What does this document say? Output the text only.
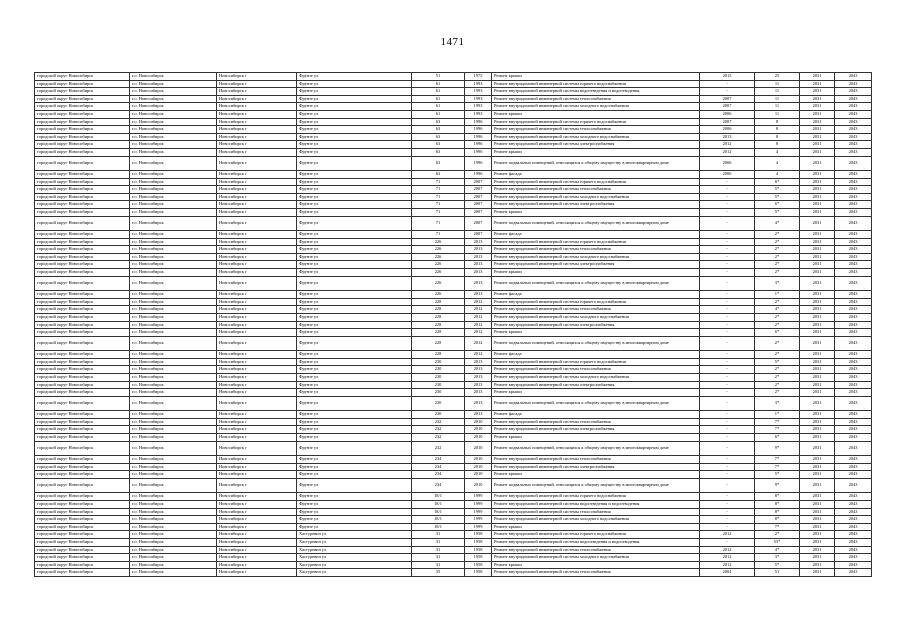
1471
городской округ Новосибирск	г.о. Новосибирск	Новосибирск г	Фрунзе ул	51	1975	Ремонт крыши	2015	25	2031	2043
городской округ Новосибирск	г.о. Новосибирск	Новосибирск г	Фрунзе ул	61	1993	Ремонт внутридомовой инженерной системы горячего водоснабжения	-	11	2031	2043
городской округ Новосибирск	г.о. Новосибирск	Новосибирск г	Фрунзе ул	61	1993	Ремонт внутридомовой инженерной системы водоотведения и водоотводения	-	11	2031	2043
городской округ Новосибирск	г.о. Новосибирск	Новосибирск г	Фрунзе ул	61	1993	Ремонт внутридомовой инженерной системы теплоснабжения	2007	11	2031	2043
городской округ Новосибирск	г.о. Новосибирск	Новосибирск г	Фрунзе ул	61	1993	Ремонт внутридомовой инженерной системы холодного водоснабжения	2007	11	2031	2043
городской округ Новосибирск	г.о. Новосибирск	Новосибирск г	Фрунзе ул	61	1993	Ремонт крыши	2006	11	2031	2043
городской округ Новосибирск	г.о. Новосибирск	Новосибирск г	Фрунзе ул	63	1996	Ремонт внутридомовой инженерной системы горячего водоснабжения	2007	8	2031	2043
городской округ Новосибирск	г.о. Новосибирск	Новосибирск г	Фрунзе ул	63	1996	Ремонт внутридомовой инженерной системы теплоснабжения	2006	8	2031	2043
городской округ Новосибирск	г.о. Новосибирск	Новосибирск г	Фрунзе ул	63	1996	Ремонт внутридомовой инженерной системы холодного водоснабжения	2013	8	2031	2043
городской округ Новосибирск	г.о. Новосибирск	Новосибирск г	Фрунзе ул	63	1996	Ремонт внутридомовой инженерной системы электроснабжения	2012	8	2031	2043
городской округ Новосибирск	г.о. Новосибирск	Новосибирск г	Фрунзе ул	63	1996	Ремонт крыши	2012	4	2031	2043
городской округ Новосибирск	г.о. Новосибирск	Новосибирск г	Фрунзе ул	63	1996	Ремонт подвальных помещений, относящихся к общему имуществу в многоквартирном доме	2006	4	2031	2043
городской округ Новосибирск	г.о. Новосибирск	Новосибирск г	Фрунзе ул	63	1996	Ремонт фасада	2006	4	2031	2043
городской округ Новосибирск	г.о. Новосибирск	Новосибирск г	Фрунзе ул	71	2007	Ремонт внутридомовой инженерной системы горячего водоснабжения	-	6*	2031	2043
городской округ Новосибирск	г.о. Новосибирск	Новосибирск г	Фрунзе ул	71	2007	Ремонт внутридомовой инженерной системы теплоснабжения	-	5*	2031	2043
городской округ Новосибирск	г.о. Новосибирск	Новосибирск г	Фрунзе ул	71	2007	Ремонт внутридомовой инженерной системы холодного водоснабжения	-	5*	2031	2043
городской округ Новосибирск	г.о. Новосибирск	Новосибирск г	Фрунзе ул	71	2007	Ремонт внутридомовой инженерной системы электроснабжения	-	6*	2031	2043
городской округ Новосибирск	г.о. Новосибирск	Новосибирск г	Фрунзе ул	71	2007	Ремонт крыши	-	5*	2031	2043
городской округ Новосибирск	г.о. Новосибирск	Новосибирск г	Фрунзе ул	71	2007	Ремонт подвальных помещений, относящихся к общему имуществу в многоквартирном доме	-	4*	2031	2043
городской округ Новосибирск	г.о. Новосибирск	Новосибирск г	Фрунзе ул	71	2007	Ремонт фасада	-	2*	2031	2043
городской округ Новосибирск	г.о. Новосибирск	Новосибирск г	Фрунзе ул	226	2013	Ремонт внутридомовой инженерной системы горячего водоснабжения	-	2*	2031	2043
городской округ Новосибирск	г.о. Новосибирск	Новосибирск г	Фрунзе ул	226	2013	Ремонт внутридомовой инженерной системы теплоснабжения	-	2*	2031	2043
городской округ Новосибирск	г.о. Новосибирск	Новосибирск г	Фрунзе ул	226	2013	Ремонт внутридомовой инженерной системы холодного водоснабжения	-	2*	2031	2043
городской округ Новосибирск	г.о. Новосибирск	Новосибирск г	Фрунзе ул	226	2013	Ремонт внутридомовой инженерной системы электроснабжения	-	2*	2031	2043
городской округ Новосибирск	г.о. Новосибирск	Новосибирск г	Фрунзе ул	226	2013	Ремонт крыши	-	2*	2031	2043
городской округ Новосибирск	г.о. Новосибирск	Новосибирск г	Фрунзе ул	226	2013	Ремонт подвальных помещений, относящихся к общему имуществу в многоквартирном доме	-	3*	2031	2043
городской округ Новосибирск	г.о. Новосибирск	Новосибирск г	Фрунзе ул	226	2013	Ремонт фасада	-	1*	2031	2043
городской округ Новосибирск	г.о. Новосибирск	Новосибирск г	Фрунзе ул	228	2012	Ремонт внутридомовой инженерной системы горячего водоснабжения	-	2*	2031	2043
городской округ Новосибирск	г.о. Новосибирск	Новосибирск г	Фрунзе ул	228	2012	Ремонт внутридомовой инженерной системы теплоснабжения	-	4*	2031	2043
городской округ Новосибирск	г.о. Новосибирск	Новосибирск г	Фрунзе ул	228	2012	Ремонт внутридомовой инженерной системы холодного водоснабжения	-	2*	2031	2043
городской округ Новосибирск	г.о. Новосибирск	Новосибирск г	Фрунзе ул	228	2012	Ремонт внутридомовой инженерной системы электроснабжения	-	2*	2031	2043
городской округ Новосибирск	г.о. Новосибирск	Новосибирск г	Фрунзе ул	228	2012	Ремонт крыши	-	6*	2031	2043
городской округ Новосибирск	г.о. Новосибирск	Новосибирск г	Фрунзе ул	228	2012	Ремонт подвальных помещений, относящихся к общему имуществу в многоквартирном доме	-	2*	2031	2043
городской округ Новосибирск	г.о. Новосибирск	Новосибирск г	Фрунзе ул	228	2012	Ремонт фасада	-	2*	2031	2043
городской округ Новосибирск	г.о. Новосибирск	Новосибирск г	Фрунзе ул	230	2013	Ремонт внутридомовой инженерной системы горячего водоснабжения	-	5*	2031	2043
городской округ Новосибирск	г.о. Новосибирск	Новосибирск г	Фрунзе ул	230	2013	Ремонт внутридомовой инженерной системы теплоснабжения	-	2*	2031	2043
городской округ Новосибирск	г.о. Новосибирск	Новосибирск г	Фрунзе ул	230	2013	Ремонт внутридомовой инженерной системы холодного водоснабжения	-	2*	2031	2043
городской округ Новосибирск	г.о. Новосибирск	Новосибирск г	Фрунзе ул	230	2013	Ремонт внутридомовой инженерной системы электроснабжения	-	2*	2031	2043
городской округ Новосибирск	г.о. Новосибирск	Новосибирск г	Фрунзе ул	230	2013	Ремонт крыши	-	2*	2031	2043
городской округ Новосибирск	г.о. Новосибирск	Новосибирск г	Фрунзе ул	230	2013	Ремонт подвальных помещений, относящихся к общему имуществу в многоквартирном доме	-	3*	2031	2043
городской округ Новосибирск	г.о. Новосибирск	Новосибирск г	Фрунзе ул	230	2013	Ремонт фасада	-	1*	2031	2043
городской округ Новосибирск	г.о. Новосибирск	Новосибирск г	Фрунзе ул	232	2010	Ремонт внутридомовой инженерной системы теплоснабжения	-	7*	2031	2043
городской округ Новосибирск	г.о. Новосибирск	Новосибирск г	Фрунзе ул	232	2010	Ремонт внутридомовой инженерной системы электроснабжения	-	7*	2031	2043
городской округ Новосибирск	г.о. Новосибирск	Новосибирск г	Фрунзе ул	232	2010	Ремонт крыши	-	6*	2031	2043
городской округ Новосибирск	г.о. Новосибирск	Новосибирск г	Фрунзе ул	232	2010	Ремонт подвальных помещений, относящихся к общему имуществу в многоквартирном доме	-	9*	2031	2043
городской округ Новосибирск	г.о. Новосибирск	Новосибирск г	Фрунзе ул	234	2010	Ремонт внутридомовой инженерной системы теплоснабжения	-	7*	2031	2043
городской округ Новосибирск	г.о. Новосибирск	Новосибирск г	Фрунзе ул	234	2010	Ремонт внутридомовой инженерной системы электроснабжения	-	7*	2031	2043
городской округ Новосибирск	г.о. Новосибирск	Новосибирск г	Фрунзе ул	234	2010	Ремонт крыши	-	5*	2031	2043
городской округ Новосибирск	г.о. Новосибирск	Новосибирск г	Фрунзе ул	234	2010	Ремонт подвальных помещений, относящихся к общему имуществу в многоквартирном доме	-	9*	2031	2043
городской округ Новосибирск	г.о. Новосибирск	Новосибирск г	Фрунзе ул	18/1	1999	Ремонт внутридомовой инженерной системы горячего водоснабжения	-	8*	2031	2043
городской округ Новосибирск	г.о. Новосибирск	Новосибирск г	Фрунзе ул	18/1	1999	Ремонт внутридомовой инженерной системы водоотведения и водоотводения	-	8*	2031	2043
городской округ Новосибирск	г.о. Новосибирск	Новосибирск г	Фрунзе ул	18/1	1999	Ремонт внутридомовой инженерной системы теплоснабжения	-	8*	2031	2043
городской округ Новосибирск	г.о. Новосибирск	Новосибирск г	Фрунзе ул	18/1	1999	Ремонт внутридомовой инженерной системы холодного водоснабжения	-	8*	2031	2043
городской округ Новосибирск	г.о. Новосибирск	Новосибирск г	Фрунзе ул	18/1	1999	Ремонт крыши	-	7*	2031	2043
городской округ Новосибирск	г.о. Новосибирск	Новосибирск г	Хасгуревич ул	31	1958	Ремонт внутридомовой инженерной системы горячего водоснабжения	2012	2*	2031	2043
городской округ Новосибирск	г.о. Новосибирск	Новосибирск г	Хасгуревич ул	31	1958	Ремонт внутридомовой инженерной системы водоотведения и водоотводения	-	53*	2031	2043
городской округ Новосибирск	г.о. Новосибирск	Новосибирск г	Хасгуревич ул	31	1958	Ремонт внутридомовой инженерной системы теплоснабжения	2012	4*	2031	2043
городской округ Новосибирск	г.о. Новосибирск	Новосибирск г	Хасгуревич ул	31	1958	Ремонт внутридомовой инженерной системы холодного водоснабжения	2012	3*	2031	2043
городской округ Новосибирск	г.о. Новосибирск	Новосибирск г	Хасгуревич ул	31	1958	Ремонт крыши	2012	5*	2031	2043
городской округ Новосибирск	г.о. Новосибирск	Новосибирск г	Хасгуревич ул	35	1958	Ремонт внутридомовой инженерной системы теплоснабжения	2004	51	2031	2043
